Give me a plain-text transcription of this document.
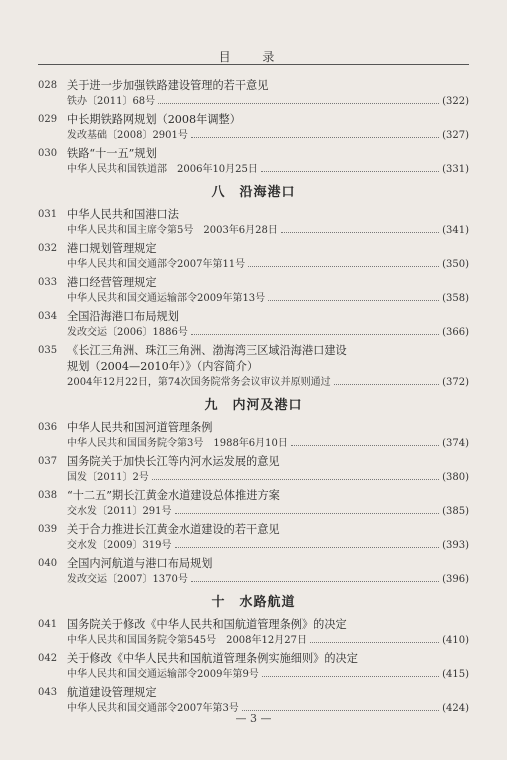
目 录
028 关于进一步加强铁路建设管理的若干意见
铁办〔2011〕68号	(322)
029 中长期铁路网规划（2008年调整）
发改基础〔2008〕2901号	(327)
030 铁路“十一五”规划
中华人民共和国铁道部　2006年10月25日	(331)
八　沿海港口
031 中华人民共和国港口法
中华人民共和国主席令第5号　2003年6月28日	(341)
032 港口规划管理规定
中华人民共和国交通部令2007年第11号	(350)
033 港口经营管理规定
中华人民共和国交通运输部令2009年第13号	(358)
034 全国沿海港口布局规划
发改交运〔2006〕1886号	(366)
035 《长江三角洲、珠江三角洲、渤海湾三区域沿海港口建设
规划（2004—2010年）》（内容简介）
2004年12月22日，第74次国务院常务会议审议并原则通过	(372)
九　内河及港口
036 中华人民共和国河道管理条例
中华人民共和国国务院令第3号　1988年6月10日	(374)
037 国务院关于加快长江等内河水运发展的意见
国发〔2011〕2号	(380)
038 “十二五”期长江黄金水道建设总体推进方案
交水发〔2011〕291号	(385)
039 关于合力推进长江黄金水道建设的若干意见
交水发〔2009〕319号	(393)
040 全国内河航道与港口布局规划
发改交运〔2007〕1370号	(396)
十　水路航道
041 国务院关于修改《中华人民共和国航道管理条例》的决定
中华人民共和国国务院令第545号　2008年12月27日	(410)
042 关于修改《中华人民共和国航道管理条例实施细则》的决定
中华人民共和国交通运输部令2009年第9号	(415)
043 航道建设管理规定
中华人民共和国交通部令2007年第3号	(424)
— 3 —
